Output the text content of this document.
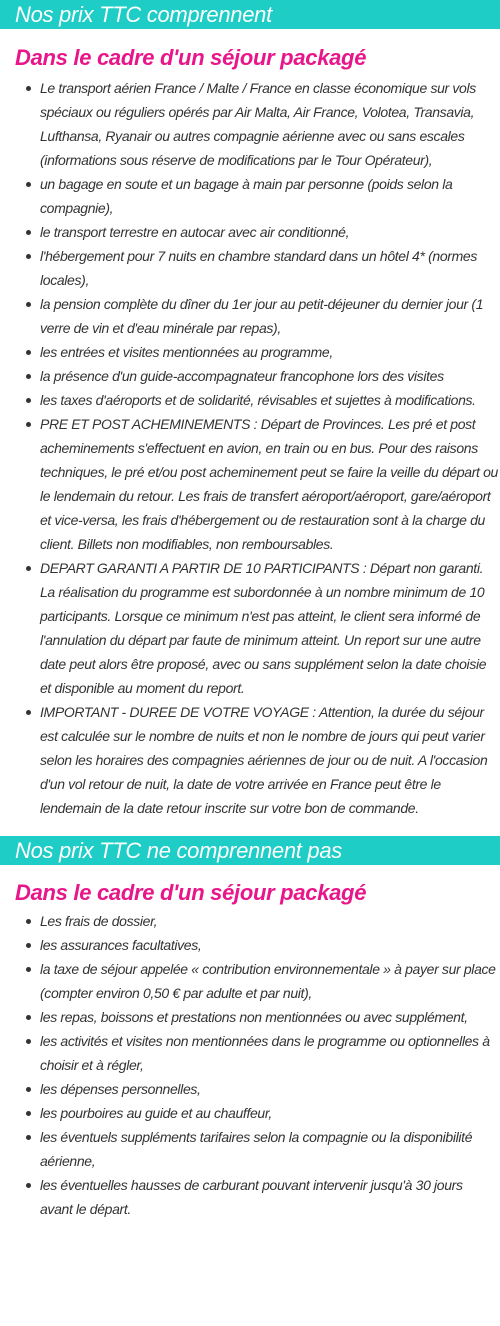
Nos prix TTC comprennent
Dans le cadre d'un séjour packagé
Le transport aérien France / Malte / France en classe économique sur vols spéciaux ou réguliers opérés par Air Malta, Air France, Volotea, Transavia, Lufthansa, Ryanair ou autres compagnie aérienne avec ou sans escales (informations sous réserve de modifications par le Tour Opérateur),
un bagage en soute et un bagage à main par personne (poids selon la compagnie),
le transport terrestre en autocar avec air conditionné,
l'hébergement pour 7 nuits en chambre standard dans un hôtel 4* (normes locales),
la pension complète du dîner du 1er jour au petit-déjeuner du dernier jour (1 verre de vin et d'eau minérale par repas),
les entrées et visites mentionnées au programme,
la présence d'un guide-accompagnateur francophone lors des visites
les taxes d'aéroports et de solidarité, révisables et sujettes à modifications.
PRE ET POST ACHEMINEMENTS : Départ de Provinces. Les pré et post acheminements s'effectuent en avion, en train ou en bus. Pour des raisons techniques, le pré et/ou post acheminement peut se faire la veille du départ ou le lendemain du retour. Les frais de transfert aéroport/aéroport, gare/aéroport et vice-versa, les frais d'hébergement ou de restauration sont à la charge du client. Billets non modifiables, non remboursables.
DEPART GARANTI A PARTIR DE 10 PARTICIPANTS : Départ non garanti. La réalisation du programme est subordonnée à un nombre minimum de 10 participants. Lorsque ce minimum n'est pas atteint, le client sera informé de l'annulation du départ par faute de minimum atteint. Un report sur une autre date peut alors être proposé, avec ou sans supplément selon la date choisie et disponible au moment du report.
IMPORTANT - DUREE DE VOTRE VOYAGE : Attention, la durée du séjour est calculée sur le nombre de nuits et non le nombre de jours qui peut varier selon les horaires des compagnies aériennes de jour ou de nuit. A l'occasion d'un vol retour de nuit, la date de votre arrivée en France peut être le lendemain de la date retour inscrite sur votre bon de commande.
Nos prix TTC ne comprennent pas
Dans le cadre d'un séjour packagé
Les frais de dossier,
les assurances facultatives,
la taxe de séjour appelée « contribution environnementale » à payer sur place (compter environ 0,50 € par adulte et par nuit),
les repas, boissons et prestations non mentionnées ou avec supplément,
les activités et visites non mentionnées dans le programme ou optionnelles à choisir et à régler,
les dépenses personnelles,
les pourboires au guide et au chauffeur,
les éventuels suppléments tarifaires selon la compagnie ou la disponibilité aérienne,
les éventuelles hausses de carburant pouvant intervenir jusqu'à 30 jours avant le départ.
